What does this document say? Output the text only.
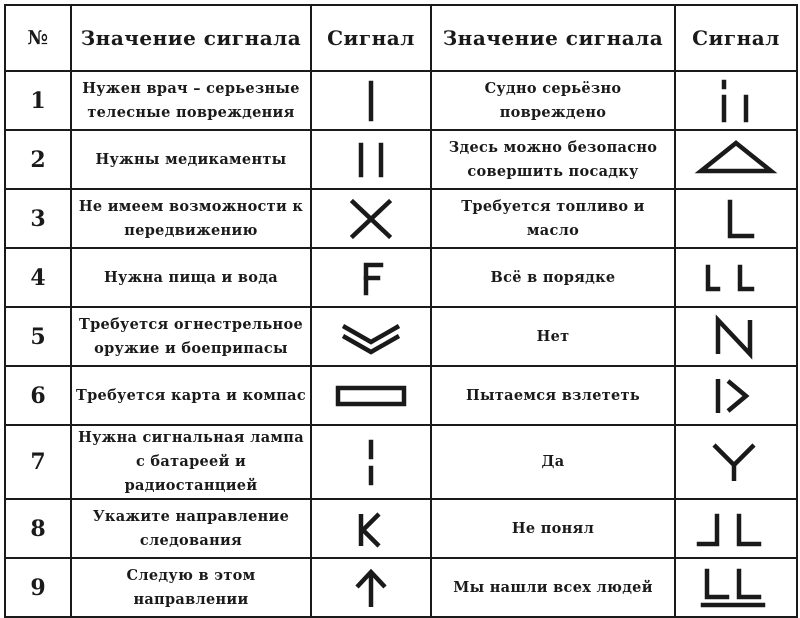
№	Значение сигнала	Сигнал	Значение сигнала	Сигнал
1	Нужен врач – серьезные телесные повреждения		Судно серьёзно повреждено	

2	Нужны медикаменты		Здесь можно безопасно совершить посадку	

3	Не имеем возможности к передвижению		Требуется топливо и масло	

4	Нужна пища и вода		Всё в порядке	

5	Требуется огнестрельное оружие и боеприпасы		Нет	

6	Требуется карта и компас		Пытаемся взлететь	

7	Нужна сигнальная лампа с батареей и радиостанцией		Да	

8	Укажите направление следования		Не понял	

9	Следую в этом направлении		Мы нашли всех людей	
